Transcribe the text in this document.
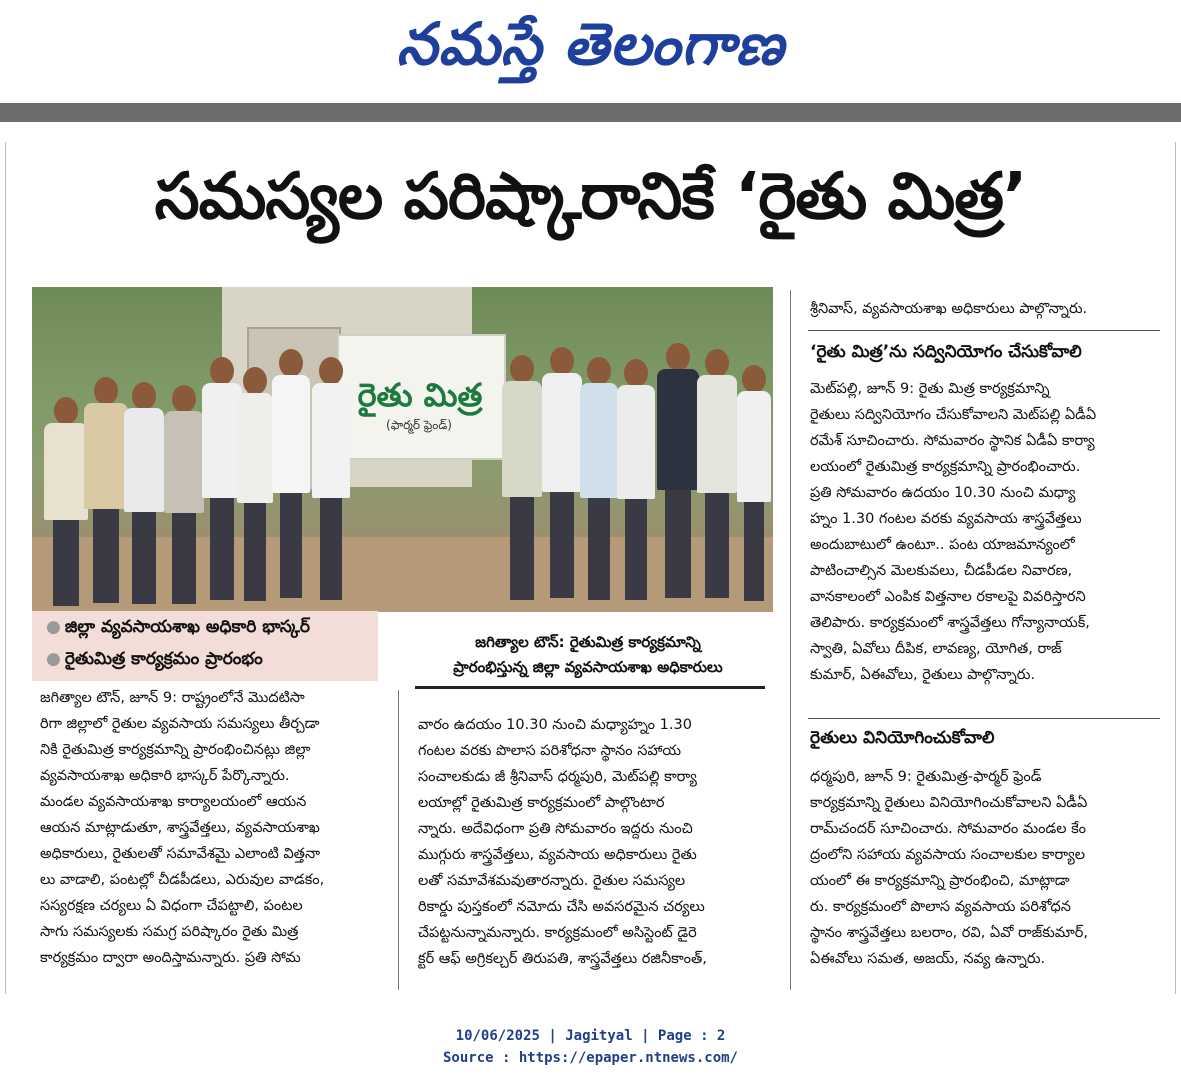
నమస్తే తెలంగాణ
సమస్యల పరిష్కారానికే ‘రైతు మిత్ర’
రైతు మిత్ర
(ఫార్మర్ ఫ్రెండ్)
● జిల్లా వ్యవసాయశాఖ అధికారి భాస్కర్
● రైతుమిత్ర కార్యక్రమం ప్రారంభం
జగిత్యాల టౌన్: రైతుమిత్ర కార్యక్రమాన్ని
ప్రారంభిస్తున్న జిల్లా వ్యవసాయశాఖ అధికారులు
జగిత్యాల టౌన్, జూన్ 9: రాష్ట్రంలోనే మొదటిసా
రిగా జిల్లాలో రైతుల వ్యవసాయ సమస్యలు తీర్చడా
నికి రైతుమిత్ర కార్యక్రమాన్ని ప్రారంభించినట్లు జిల్లా
వ్యవసాయశాఖ అధికారి భాస్కర్ పేర్కొన్నారు.
మండల వ్యవసాయశాఖ కార్యాలయంలో ఆయన
ఆయన మాట్లాడుతూ, శాస్త్రవేత్తలు, వ్యవసాయశాఖ
అధికారులు, రైతులతో సమావేశమై ఎలాంటి విత్తనా
లు వాడాలి, పంటల్లో చీడపీడలు, ఎరువుల వాడకం,
సస్యరక్షణ చర్యలు ఏ విధంగా చేపట్టాలి, పంటల
సాగు సమస్యలకు సమగ్ర పరిష్కారం రైతు మిత్ర
కార్యక్రమం ద్వారా అందిస్తామన్నారు. ప్రతి సోమ
వారం ఉదయం 10.30 నుంచి మధ్యాహ్నం 1.30
గంటల వరకు పొలాస పరిశోధనా స్థానం సహాయ
సంచాలకుడు జీ శ్రీనివాస్ ధర్మపురి, మెట్‌పల్లి కార్యా
లయాల్లో రైతుమిత్ర కార్యక్రమంలో పాల్గొంటార
న్నారు. అదేవిధంగా ప్రతి సోమవారం ఇద్దరు నుంచి
ముగ్గురు శాస్త్రవేత్తలు, వ్యవసాయ అధికారులు రైతు
లతో సమావేశమవుతారన్నారు. రైతుల సమస్యల
రికార్డు పుస్తకంలో నమోదు చేసి అవసరమైన చర్యలు
చేపట్టనున్నామన్నారు. కార్యక్రమంలో అసిస్టెంట్ డైరె
క్టర్ ఆఫ్ అగ్రికల్చర్ తిరుపతి, శాస్త్రవేత్తలు రజినీకాంత్,
శ్రీనివాస్, వ్యవసాయశాఖ అధికారులు పాల్గొన్నారు.
‘రైతు మిత్ర’ను సద్వినియోగం చేసుకోవాలి
మెట్‌పల్లి, జూన్ 9: రైతు మిత్ర కార్యక్రమాన్ని
రైతులు సద్వినియోగం చేసుకోవాలని మెట్‌పల్లి ఏడీఏ
రమేశ్ సూచించారు. సోమవారం స్థానిక ఏడీఏ కార్యా
లయంలో రైతుమిత్ర కార్యక్రమాన్ని ప్రారంభించారు.
ప్రతి సోమవారం ఉదయం 10.30 నుంచి మధ్యా
హ్నం 1.30 గంటల వరకు వ్యవసాయ శాస్త్రవేత్తలు
అందుబాటులో ఉంటూ.. పంట యాజమాన్యంలో
పాటించాల్సిన మెలకువలు, చీడపీడల నివారణ,
వానకాలంలో ఎంపిక విత్తనాల రకాలపై వివరిస్తారని
తెలిపారు. కార్యక్రమంలో శాస్త్రవేత్తలు గోన్యానాయక్,
స్వాతి, ఏవోలు దీపిక, లావణ్య, యోగిత, రాజ్
కుమార్, ఏఈవోలు, రైతులు పాల్గొన్నారు.
రైతులు వినియోగించుకోవాలి
ధర్మపురి, జూన్ 9: రైతుమిత్ర-ఫార్మర్ ఫ్రెండ్
కార్యక్రమాన్ని రైతులు వినియోగించుకోవాలని ఏడీఏ
రామ్‌చందర్ సూచించారు. సోమవారం మండల కేం
ద్రంలోని సహాయ వ్యవసాయ సంచాలకుల కార్యాల
యంలో ఈ కార్యక్రమాన్ని ప్రారంభించి, మాట్లాడా
రు. కార్యక్రమంలో పొలాస వ్యవసాయ పరిశోధన
స్థానం శాస్త్రవేత్తలు బలరాం, రవి, ఏవో రాజ్‌కుమార్,
ఏఈవోలు సమత, అజయ్, నవ్య ఉన్నారు.
10/06/2025 | Jagityal | Page : 2
Source : https://epaper.ntnews.com/
